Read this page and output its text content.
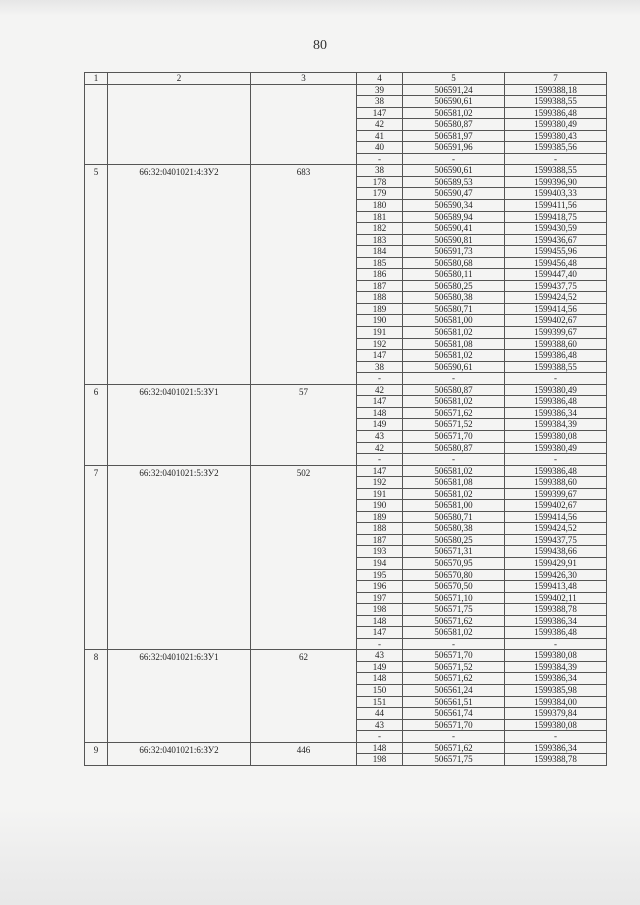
80
1	2	3	4	5	7
			39	506591,24	1599388,18
			38	506590,61	1599388,55
			147	506581,02	1599386,48
			42	506580,87	1599380,49
			41	506581,97	1599380,43
			40	506591,96	1599385,56
			-	-	-
5	66:32:0401021:4:ЗУ2	683	38	506590,61	1599388,55
			178	506589,53	1599396,90
			179	506590,47	1599403,33
			180	506590,34	1599411,56
			181	506589,94	1599418,75
			182	506590,41	1599430,59
			183	506590,81	1599436,67
			184	506591,73	1599455,96
			185	506580,68	1599456,48
			186	506580,11	1599447,40
			187	506580,25	1599437,75
			188	506580,38	1599424,52
			189	506580,71	1599414,56
			190	506581,00	1599402,67
			191	506581,02	1599399,67
			192	506581,08	1599388,60
			147	506581,02	1599386,48
			38	506590,61	1599388,55
			-	-	-
6	66:32:0401021:5:ЗУ1	57	42	506580,87	1599380,49
			147	506581,02	1599386,48
			148	506571,62	1599386,34
			149	506571,52	1599384,39
			43	506571,70	1599380,08
			42	506580,87	1599380,49
			-	-	-
7	66:32:0401021:5:ЗУ2	502	147	506581,02	1599386,48
			192	506581,08	1599388,60
			191	506581,02	1599399,67
			190	506581,00	1599402,67
			189	506580,71	1599414,56
			188	506580,38	1599424,52
			187	506580,25	1599437,75
			193	506571,31	1599438,66
			194	506570,95	1599429,91
			195	506570,80	1599426,30
			196	506570,50	1599413,48
			197	506571,10	1599402,11
			198	506571,75	1599388,78
			148	506571,62	1599386,34
			147	506581,02	1599386,48
			-	-	-
8	66:32:0401021:6:ЗУ1	62	43	506571,70	1599380,08
			149	506571,52	1599384,39
			148	506571,62	1599386,34
			150	506561,24	1599385,98
			151	506561,51	1599384,00
			44	506561,74	1599379,84
			43	506571,70	1599380,08
			-	-	-
9	66:32:0401021:6:ЗУ2	446	148	506571,62	1599386,34
			198	506571,75	1599388,78
